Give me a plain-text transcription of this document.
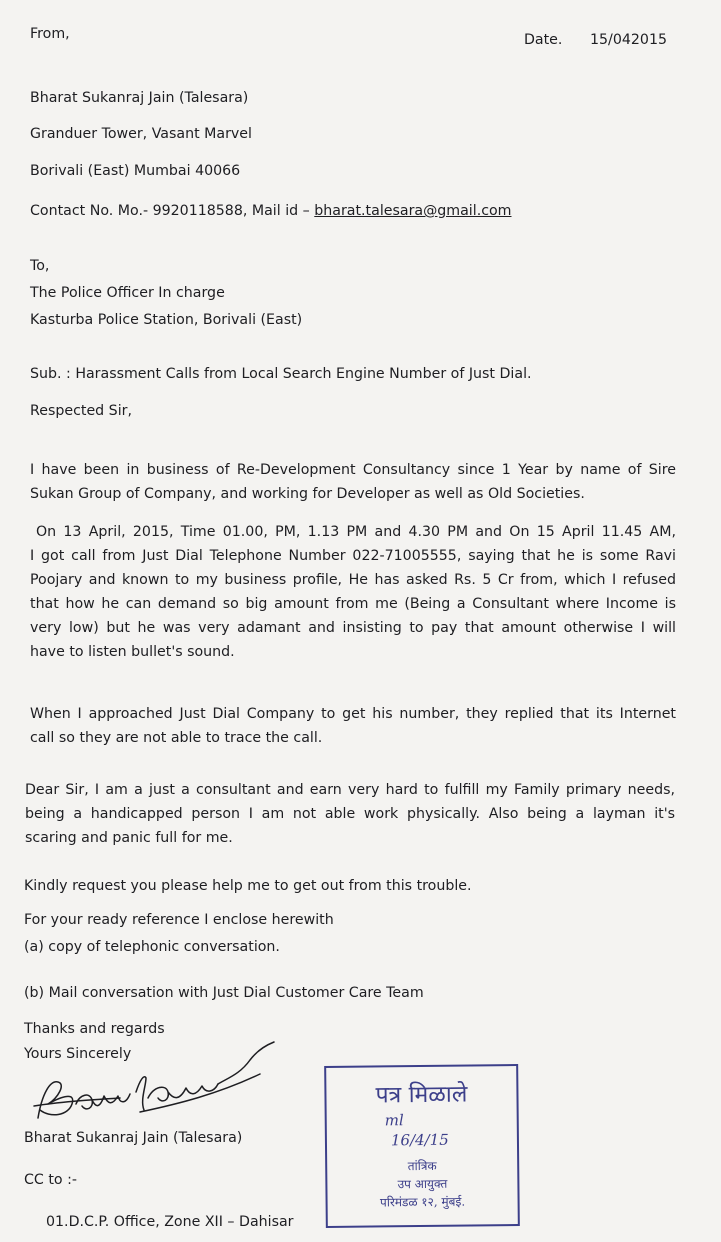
From,	Date. 15/042015
Bharat Sukanraj Jain (Talesara)
Granduer Tower, Vasant Marvel
Borivali (East) Mumbai 40066
Contact No. Mo.- 9920118588, Mail id – bharat.talesara@gmail.com
To,
The Police Officer In charge
Kasturba Police Station, Borivali (East)
Sub. : Harassment Calls from Local Search Engine Number of Just Dial.
Respected Sir,
I have been in business of Re-Development Consultancy since 1 Year by name of Sire
Sukan Group of Company, and working for Developer as well as Old Societies.
On 13 April, 2015, Time 01.00, PM, 1.13 PM and 4.30 PM and On 15 April 11.45 AM,
I got call from Just Dial Telephone Number 022-71005555, saying that he is some Ravi
Poojary and known to my business profile, He has asked Rs. 5 Cr from, which I refused
that how he can demand so big amount from me (Being a Consultant where Income is
very low) but he was very adamant and insisting to pay that amount otherwise I will
have to listen bullet's sound.
When I approached Just Dial Company to get his number, they replied that its Internet
call so they are not able to trace the call.
Dear Sir, I am a just a consultant and earn very hard to fulfill my Family primary needs,
being a handicapped person I am not able work physically. Also being a layman it's
scaring and panic full for me.
Kindly request you please help me to get out from this trouble.
For your ready reference I enclose herewith
(a) copy of telephonic conversation.
(b) Mail conversation with Just Dial Customer Care Team
Thanks and regards
Yours Sincerely
Bharat Sukanraj Jain (Talesara)
CC to :-
01.D.C.P. Office, Zone XII – Dahisar
पत्र मिळाले
ml
16/4/15
तांत्रिक
उप आयुक्त
परिमंडळ १२, मुंबई.
